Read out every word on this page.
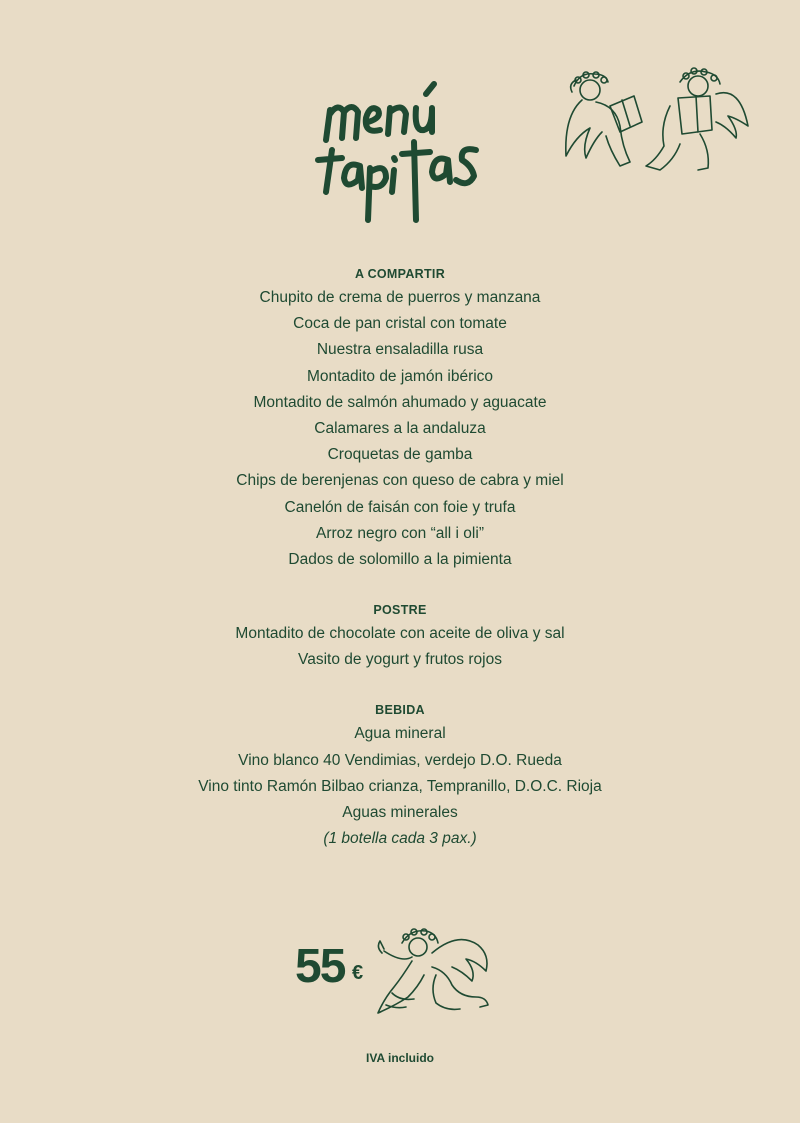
A COMPARTIR
Chupito de crema de puerros y manzana
Coca de pan cristal con tomate
Nuestra ensaladilla rusa
Montadito de jamón ibérico
Montadito de salmón ahumado y aguacate
Calamares a la andaluza
Croquetas de gamba
Chips de berenjenas con queso de cabra y miel
Canelón de faisán con foie y trufa
Arroz negro con “all i oli”
Dados de solomillo a la pimienta
POSTRE
Montadito de chocolate con aceite de oliva y sal
Vasito de yogurt y frutos rojos
BEBIDA
Agua mineral
Vino blanco 40 Vendimias, verdejo D.O. Rueda
Vino tinto Ramón Bilbao crianza, Tempranillo, D.O.C. Rioja
Aguas minerales
(1 botella cada 3 pax.)
55 €
IVA incluido
